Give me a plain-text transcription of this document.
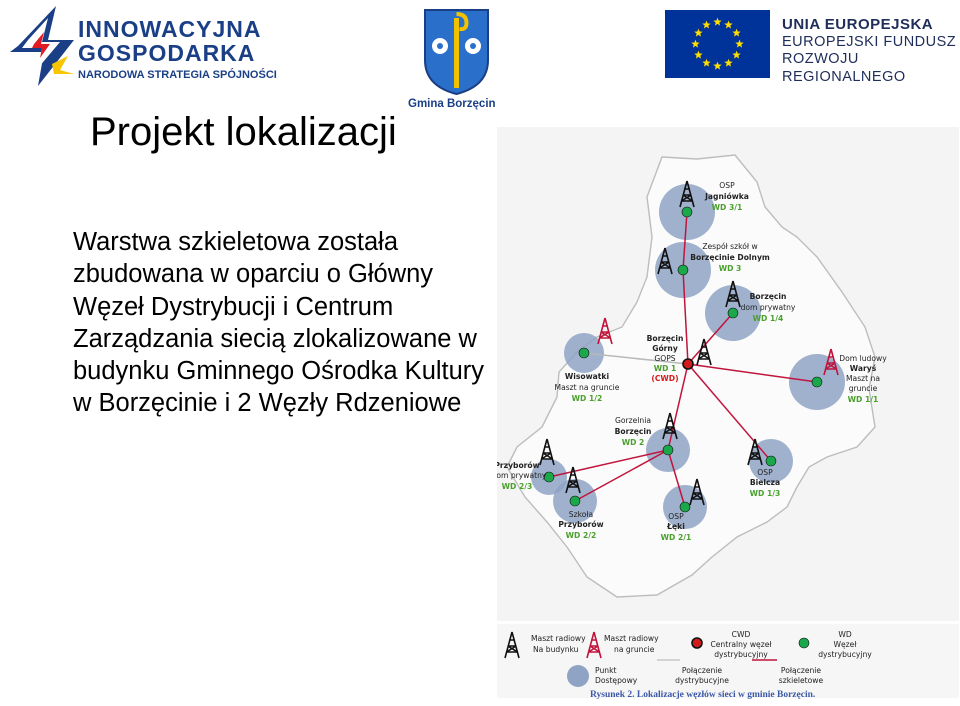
INNOWACYJNA
GOSPODARKA
NARODOWA STRATEGIA SPÓJNOŚCI
Gmina Borzęcin
UNIA EUROPEJSKA
EUROPEJSKI FUNDUSZ
ROZWOJU REGIONALNEGO
Projekt lokalizacji
Warstwa szkieletowa została zbudowana w oparciu o Główny Węzeł Dystrybucji i Centrum Zarządzania siecią zlokalizowane w budynku Gminnego Ośrodka Kultury w Borzęcinie i 2 Węzły Rdzeniowe
OSP
Jagniówka
WD 3/1
Zespół szkół w
Borzęcinie Dolnym
WD 3
Borzęcin
dom prywatny
WD 1/4
Borzęcin
Górny
GOPS
WD 1
(CWD)
Wisowatki
Maszt na gruncie
WD 1/2
Dom ludowy
Waryś
Maszt na
gruncie
WD 1/1
Gorzelnia
Borzęcin
WD 2
Przyborów
dom prywatny
WD 2/3
OSP
Bielcza
WD 1/3
Szkoła
Przyborów
WD 2/2
OSP
Łęki
WD 2/1
Maszt radiowy
Na budynku
Maszt radiowy
na gruncie
CWD
Centralny węzeł
dystrybucyjny
WD
Węzeł
dystrybucyjny
Punkt
Dostępowy
Połączenie
dystrybucyjne
Połączenie
szkieletowe
Rysunek 2. Lokalizacje węzłów sieci w gminie Borzęcin.
